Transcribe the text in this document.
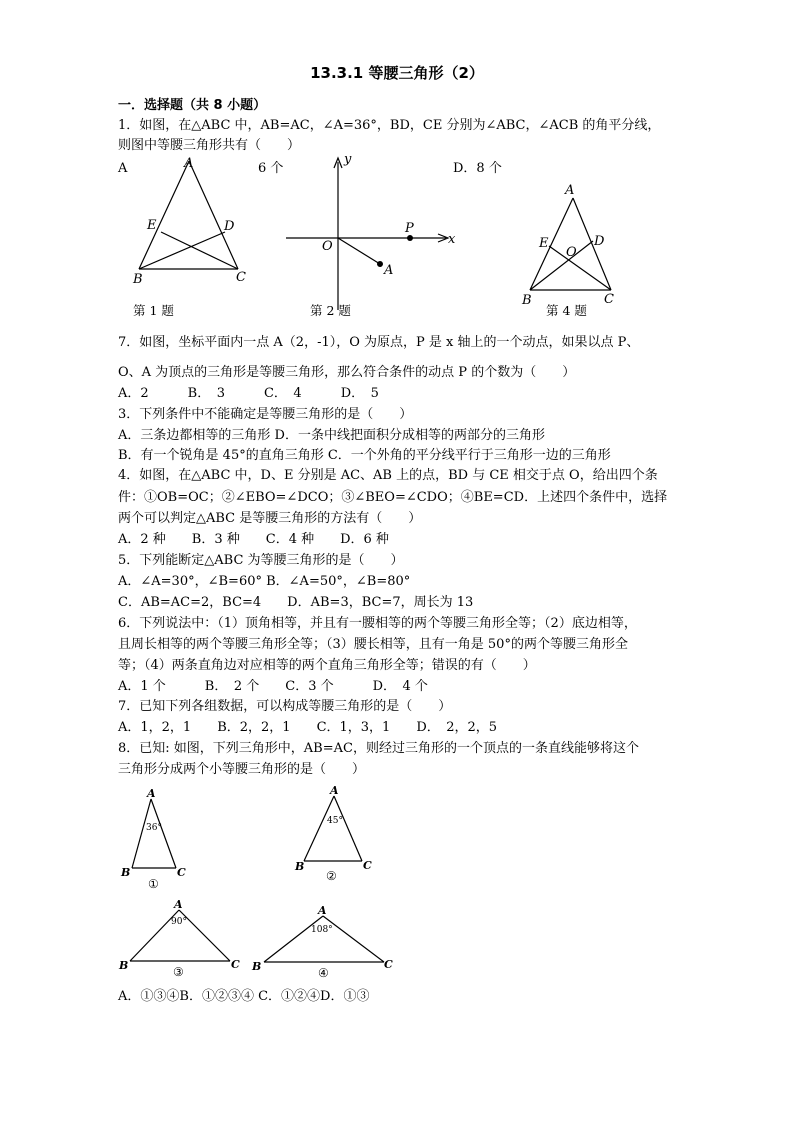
13.3.1 等腰三角形（2）
一．选择题（共 8 小题）
1．如图，在△ABC 中，AB=AC，∠A=36°，BD，CE 分别为∠ABC，∠ACB 的角平分线，
则图中等腰三角形共有（　　）
A	6 个	D．8 个
A
E	D
B	C
第 1 题
y
x
O
P
A
第 2 题
A
E	D
O
B	C
第 4 题
7．如图，坐标平面内一点 A（2，-1），O 为原点，P 是 x 轴上的一个动点，如果以点 P、
O、A 为顶点的三角形是等腰三角形，那么符合条件的动点 P 的个数为（　　）
A．2　　　B．　3　　　C．　4　　　D．　5
3．下列条件中不能确定是等腰三角形的是（　　）
A．三条边都相等的三角形 D．一条中线把面积分成相等的两部分的三角形
B．有一个锐角是 45°的直角三角形 C．一个外角的平分线平行于三角形一边的三角形
4．如图，在△ABC 中，D、E 分别是 AC、AB 上的点，BD 与 CE 相交于点 O，给出四个条
件：①OB=OC；②∠EBO=∠DCO；③∠BEO=∠CDO；④BE=CD．上述四个条件中，选择
两个可以判定△ABC 是等腰三角形的方法有（　　）
A．2 种　　B．3 种　　C．4 种　　D．6 种
5．下列能断定△ABC 为等腰三角形的是（　　）
A．∠A=30°，∠B=60° B．∠A=50°，∠B=80°
C．AB=AC=2，BC=4　　D．AB=3，BC=7，周长为 13
6．下列说法中：（1）顶角相等，并且有一腰相等的两个等腰三角形全等；（2）底边相等，
且周长相等的两个等腰三角形全等；（3）腰长相等，且有一角是 50°的两个等腰三角形全
等；（4）两条直角边对应相等的两个直角三角形全等；错误的有（　　）
A．1 个　　　B．　2 个　　C．3 个　　　D．　4 个
7．已知下列各组数据，可以构成等腰三角形的是（　　）
A．1，2，1　　B．2，2，1　　C．1，3，1　　D．　2，2，5
8．已知: 如图，下列三角形中，AB=AC，则经过三角形的一个顶点的一条直线能够将这个
三角形分成两个小等腰三角形的是（　　）
A
B	C
36°
①
A
B	C
45°
②
A
B	C
90°
③
A
B	C
108°
④
A．①③④B．①②③④ C．①②④D．①③
